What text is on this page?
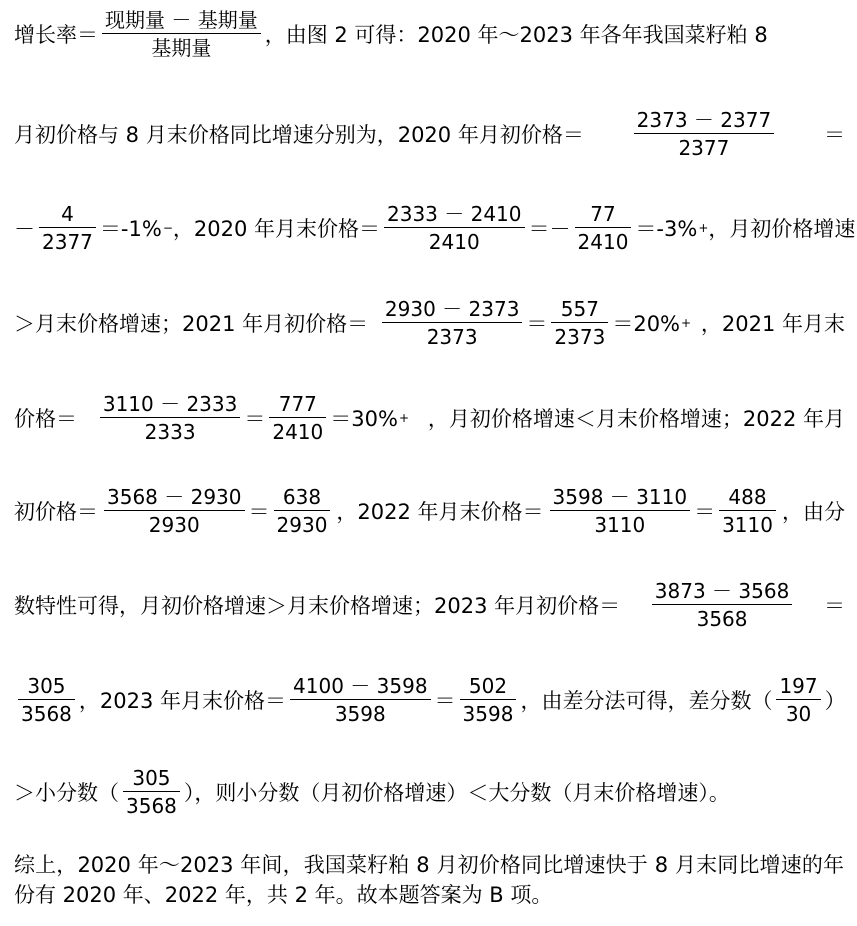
增长率＝ $\frac{\text{现期量 － 基期量}}{\text{基期量}}$ ，由图 2 可得：2020 年～2023 年各年我国菜籽粕 8
月初价格与 8 月末价格同比增速分别为，2020 年月初价格＝ $\frac{2373 - 2377}{2377}$ ＝
－ $\frac{4}{2377} =-1\%$ − ，2020 年月末价格＝ $\frac{2333 - 2410}{2410} =- \frac{77}{2410} =-3\%$ + ，月初价格增速
＞月末价格增速；2021 年月初价格＝ $\frac{2930 - 2373}{2373} = \frac{557}{2373} =20\%$ + ，2021 年月末
价格＝ $\frac{3110 - 2333}{2333} = \frac{777}{2410} =30\%$ + ，月初价格增速＜月末价格增速；2022 年月
初价格＝ $\frac{3568 - 2930}{2930} = \frac{638}{2930}$ ，2022 年月末价格＝ $\frac{3598 - 3110}{3110} = \frac{488}{3110}$ ，由分
数特性可得，月初价格增速＞月末价格增速；2023 年月初价格＝ $\frac{3873 - 3568}{3568}$ ＝
$\frac{305}{3568}$ ，2023 年月末价格＝ $\frac{4100 - 3598}{3598} = \frac{502}{3598}$ ，由差分法可得，差分数（ $\frac{197}{30}$ ）
＞小分数（ $\frac{305}{3568}$ ），则小分数（月初价格增速）＜大分数（月末价格增速）。
综上，2020 年～2023 年间，我国菜籽粕 8 月初价格同比增速快于 8 月末同比增速的年份有 2020 年、2022 年，共 2 年。故本题答案为 B 项。
